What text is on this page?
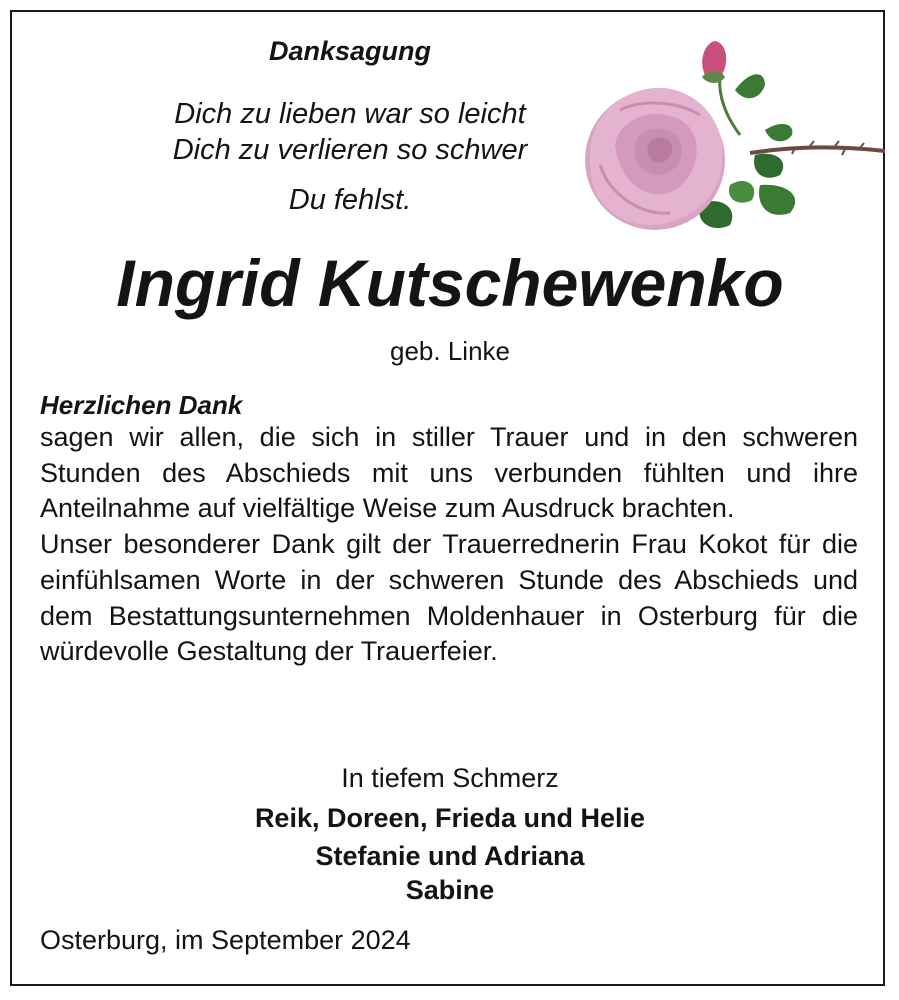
Danksagung
Dich zu lieben war so leicht
Dich zu verlieren so schwer
Du fehlst.
Ingrid Kutschewenko
geb. Linke
Herzlichen Dank

sagen wir allen, die sich in stiller Trauer und in den schweren Stunden des Abschieds mit uns verbunden fühlten und ihre Anteilnahme auf vielfältige Weise zum Ausdruck brachten.

Unser besonderer Dank gilt der Trauerrednerin Frau Kokot für die einfühlsamen Worte in der schweren Stunde des Abschieds und dem Bestattungsunternehmen Moldenhauer in Osterburg für die würdevolle Gestaltung der Trauerfeier.

In tiefem Schmerz
Reik, Doreen, Frieda und Helie
Stefanie und Adriana
Sabine
Osterburg, im September 2024
